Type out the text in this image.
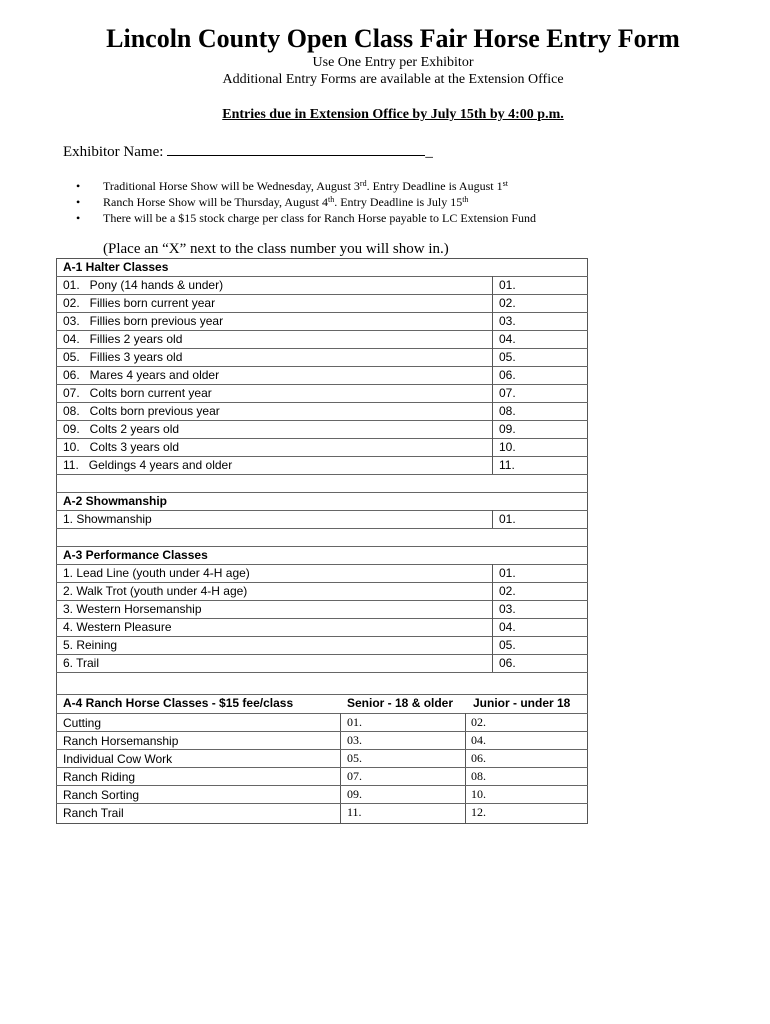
Lincoln County Open Class Fair Horse Entry Form
Use One Entry per Exhibitor
Additional Entry Forms are available at the Extension Office
Entries due in Extension Office by July 15th by 4:00 p.m.
Exhibitor Name:	_
• Traditional Horse Show will be Wednesday, August 3rd. Entry Deadline is August 1st
• Ranch Horse Show will be Thursday, August 4th. Entry Deadline is July 15th
• There will be a $15 stock charge per class for Ranch Horse payable to LC Extension Fund
(Place an “X” next to the class number you will show in.)
A-1 Halter Classes
01.   Pony (14 hands & under)	01.
02.   Fillies born current year	02.
03.   Fillies born previous year	03.
04.   Fillies 2 years old	04.
05.   Fillies 3 years old	05.
06.   Mares 4 years and older	06.
07.   Colts born current year	07.
08.   Colts born previous year	08.
09.   Colts 2 years old	09.
10.   Colts 3 years old	10.
11.   Geldings 4 years and older	11.
A-2 Showmanship
1. Showmanship	01.
A-3 Performance Classes
1. Lead Line (youth under 4-H age)	01.
2. Walk Trot (youth under 4-H age)	02.
3. Western Horsemanship	03.
4. Western Pleasure	04.
5. Reining	05.
6. Trail	06.
A-4 Ranch Horse Classes - $15 fee/class	Senior - 18 & older Junior - under 18
Cutting	01.	02.
Ranch Horsemanship	03.	04.
Individual Cow Work	05.	06.
Ranch Riding	07.	08.
Ranch Sorting	09.	10.
Ranch Trail	11.	12.
